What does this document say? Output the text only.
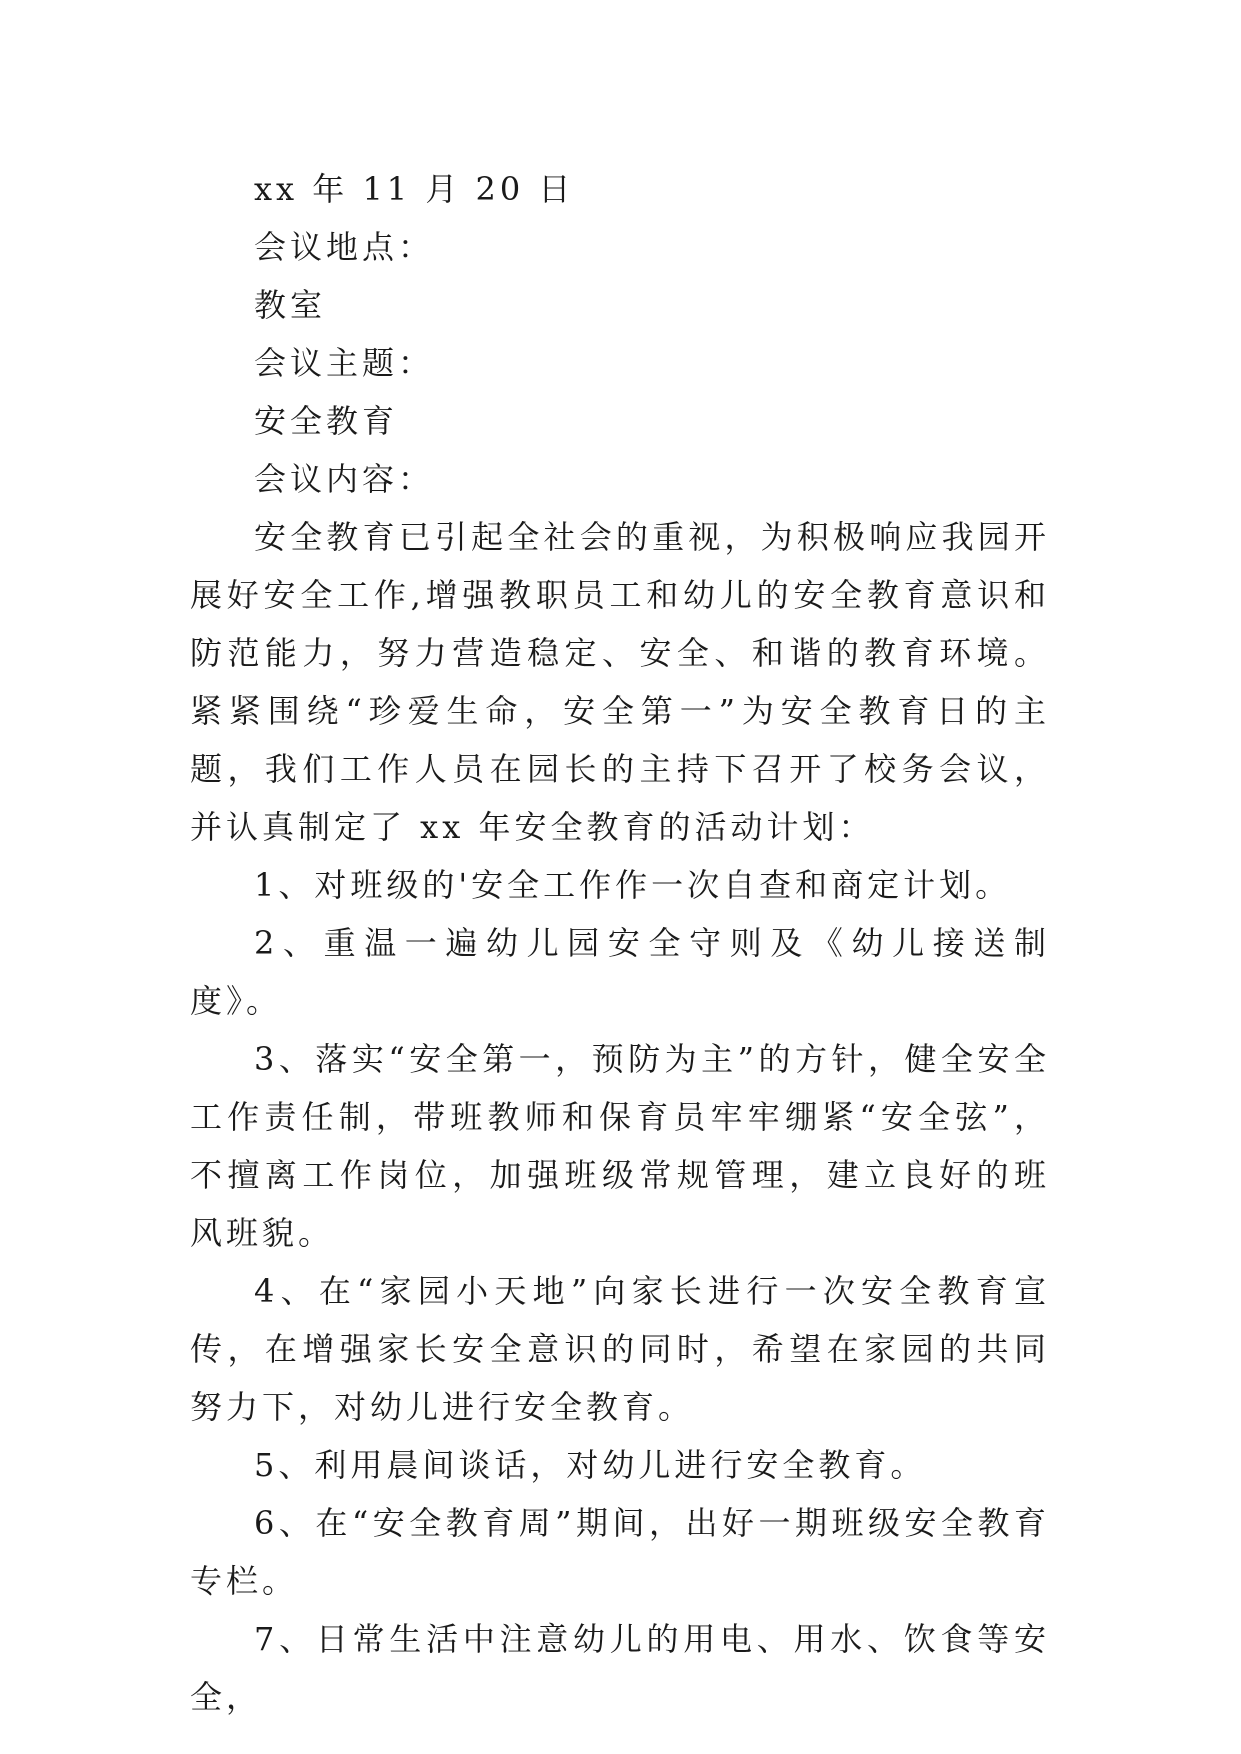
xx 年 11 月 20 日

会议地点：

教室

会议主题：

安全教育

会议内容：

安全教育已引起全社会的重视，为积极响应我园开展好安全工作,增强教职员工和幼儿的安全教育意识和防范能力，努力营造稳定、安全、和谐的教育环境。紧紧围绕“珍爱生命，安全第一”为安全教育日的主题，我们工作人员在园长的主持下召开了校务会议，并认真制定了 xx 年安全教育的活动计划：

1、对班级的'安全工作作一次自查和商定计划。

2、重温一遍幼儿园安全守则及《幼儿接送制度》。

3、落实“安全第一，预防为主”的方针，健全安全工作责任制，带班教师和保育员牢牢绷紧“安全弦”，不擅离工作岗位，加强班级常规管理，建立良好的班风班貌。

4、在“家园小天地”向家长进行一次安全教育宣传，在增强家长安全意识的同时，希望在家园的共同努力下，对幼儿进行安全教育。

5、利用晨间谈话，对幼儿进行安全教育。

6、在“安全教育周”期间，出好一期班级安全教育专栏。

7、日常生活中注意幼儿的用电、用水、饮食等安全，
